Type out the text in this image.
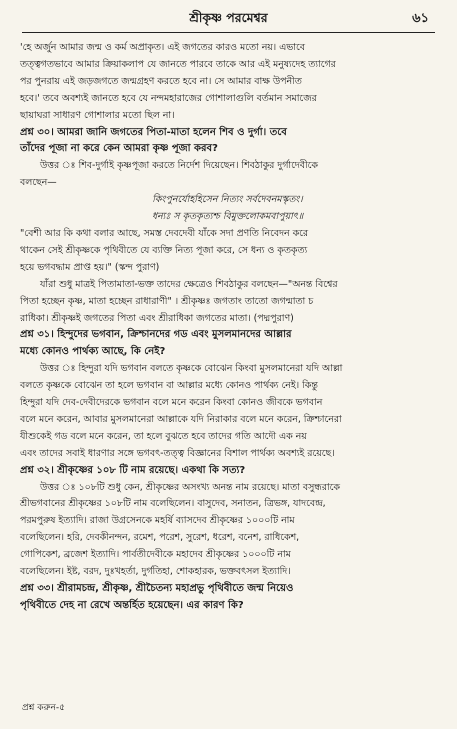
শ্রীকৃষ্ণ পরমেশ্বর	৬১

'হে অর্জুন আমার জন্ম ও কর্ম অপ্রাকৃত। এই জগতের কারও মতো নয়। এভাবে

তত্ত্বগতভাবে আমার ক্রিয়াকলাপ যে জানতে পারবে তাকে আর এই মনুষ্যদেহ ত্যাগের

পর পুনরায় এই জড়জগতে জন্মগ্রহণ করতে হবে না। সে আমার বাক্ষ উপনীত

হবে।' তবে অবশ্যই জানতে হবে যে নন্দমহারাজের গোশালাগুলি বর্তমান সমাজের

ছায়াঘরা সাধারণ গোশালার মতো ছিল না।

প্রশ্ন ৩০। আমরা জানি জগতের পিতা-মাতা হলেন শিব ও দুর্গা। তবে

তাঁদের পূজা না করে কেন আমরা কৃষ্ণ পূজা করব?

উত্তর ঃ শিব-দুর্গাই কৃষ্ণপূজা করতে নির্দেশ দিয়েছেন। শিবঠাকুর দুর্গাদেবীকে

বলছেন—

কিংপুনর্যোহহিসেন নিত্যং সর্বদেবনমস্কৃতং।

ধন্যঃ স কৃতকৃত্যশ্চ বিমুক্তলোকমবাপুয়াৎ॥

"বেশী আর কি কথা বলার আছে, সমস্ত দেবদেবী যাঁকে সদা প্রণতি নিবেদন করে

থাকেন সেই শ্রীকৃষ্ণকে পৃথিবীতে যে ব্যক্তি নিত্য পূজা করে, সে ধন্য ও কৃতকৃত্য

হয়ে ভগবদ্ধাম প্রাপ্ত হয়।" (স্কন্দ পুরাণ)

যাঁরা শুধু মাত্রই পিতামাতা-ভক্ত তাদের ক্ষেত্রেও শিবঠাকুর বলছেন—"অনন্ত বিশ্বের

পিতা হচ্ছেন কৃষ্ণ, মাতা হচ্ছেন রাধারাণী" । শ্রীকৃষ্ণঃ জগতাং তাতো জগন্মাতা চ

রাধিকা। শ্রীকৃষ্ণই জগতের পিতা এবং শ্রীরাধিকা জগতের মাতা। (পদ্মপুরাণ)

প্রশ্ন ৩১। হিন্দুদের ভগবান, ক্রিশ্চানদের গড এবং মুসলমানদের আল্লার

মধ্যে কোনও পার্থক্য আছে, কি নেই?

উত্তর ঃ হিন্দুরা যদি ভগবান বলতে কৃষ্ণকে বোঝেন কিংবা মুসলমানেরা যদি আল্লা

বলতে কৃষ্ণকে বোঝেন তা হলে ভগবান বা আল্লার মধ্যে কোনও পার্থক্য নেই। কিন্তু

হিন্দুরা যদি দেব-দেবীদেরকে ভগবান বলে মনে করেন কিংবা কোনও জীবকে ভগবান

বলে মনে করেন, আবার মুসলমানেরা আল্লাকে যদি নিরাকার বলে মনে করেন, ক্রিশ্চানেরা

যীশুকেই গড বলে মনে করেন, তা হলে বুঝতে হবে তাদের গতি আদৌ এক নয়

এবং তাদের সবাই ধারণার সঙ্গে ভগবৎ-তত্ত্ব বিজ্ঞানের বিশাল পার্থক্য অবশ্যই রয়েছে।

প্রশ্ন ৩২। শ্রীকৃষ্ণের ১০৮ টি নাম রয়েছে। একথা কি সত্য?

উত্তর ঃ ১০৮টি শুধু কেন, শ্রীকৃষ্ণের অসংখ্য অনন্ত নাম রয়েছে। মাতা বসুন্ধরাকে

শ্রীভগবানের শ্রীকৃষ্ণের ১০৮টি নাম বলেছিলেন। বাসুদেব, সনাতন, ত্রিভঙ্গ, যাদবেন্দ্র,

পরমপুরুষ ইত্যাদি। রাজা উগ্রসেনকে মহর্ষি ব্যাসদেব শ্রীকৃষ্ণের ১০০০টি নাম

বলেছিলেন। হরি, দেবকীনন্দন, রমেশ, পরেশ, সুরেশ, ধরেশ, বনেশ, রাধিকেশ,

গোপিকেশ, ব্রজেশ ইত্যাদি। পার্বতীদেবীকে মহাদেব শ্রীকৃষ্ণের ১০০০টি নাম

বলেছিলেন। ইষ্ট, বরদ, দুঃখহর্তা, দুর্গতিহা, শোকহারক, ভক্তবৎসল ইত্যাদি।

প্রশ্ন ৩৩। শ্রীরামচন্দ্র, শ্রীকৃষ্ণ, শ্রীচৈতন্য মহাপ্রভু পৃথিবীতে জন্ম নিয়েও

পৃথিবীতে দেহ না রেখে অন্তর্হিত হয়েছেন। এর কারণ কি?

প্রশ্ন করুন-৫
